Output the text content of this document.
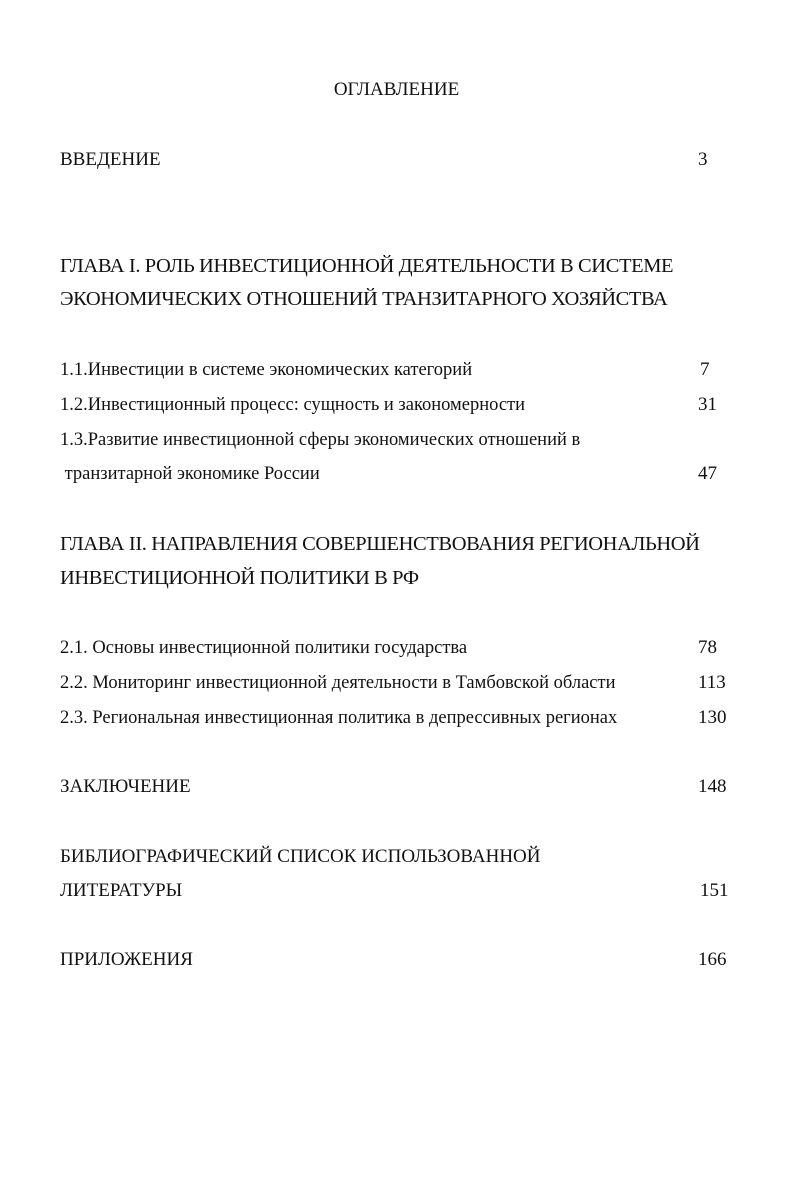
ОГЛАВЛЕНИЕ
ВВЕДЕНИЕ	3
ГЛАВА I. РОЛЬ ИНВЕСТИЦИОННОЙ ДЕЯТЕЛЬНОСТИ В СИСТЕМЕ
ЭКОНОМИЧЕСКИХ ОТНОШЕНИЙ ТРАНЗИТАРНОГО ХОЗЯЙСТВА
1.1.Инвестиции в системе экономических категорий	7
1.2.Инвестиционный процесс: сущность и закономерности	31
1.3.Развитие инвестиционной сферы экономических отношений в
транзитарной экономике России	47
ГЛАВА II. НАПРАВЛЕНИЯ СОВЕРШЕНСТВОВАНИЯ РЕГИОНАЛЬНОЙ
ИНВЕСТИЦИОННОЙ ПОЛИТИКИ В РФ
2.1. Основы инвестиционной политики государства	78
2.2. Мониторинг инвестиционной деятельности в Тамбовской области	113
2.3. Региональная инвестиционная политика в депрессивных регионах	130
ЗАКЛЮЧЕНИЕ	148
БИБЛИОГРАФИЧЕСКИЙ СПИСОК ИСПОЛЬЗОВАННОЙ
ЛИТЕРАТУРЫ	151
ПРИЛОЖЕНИЯ	166
